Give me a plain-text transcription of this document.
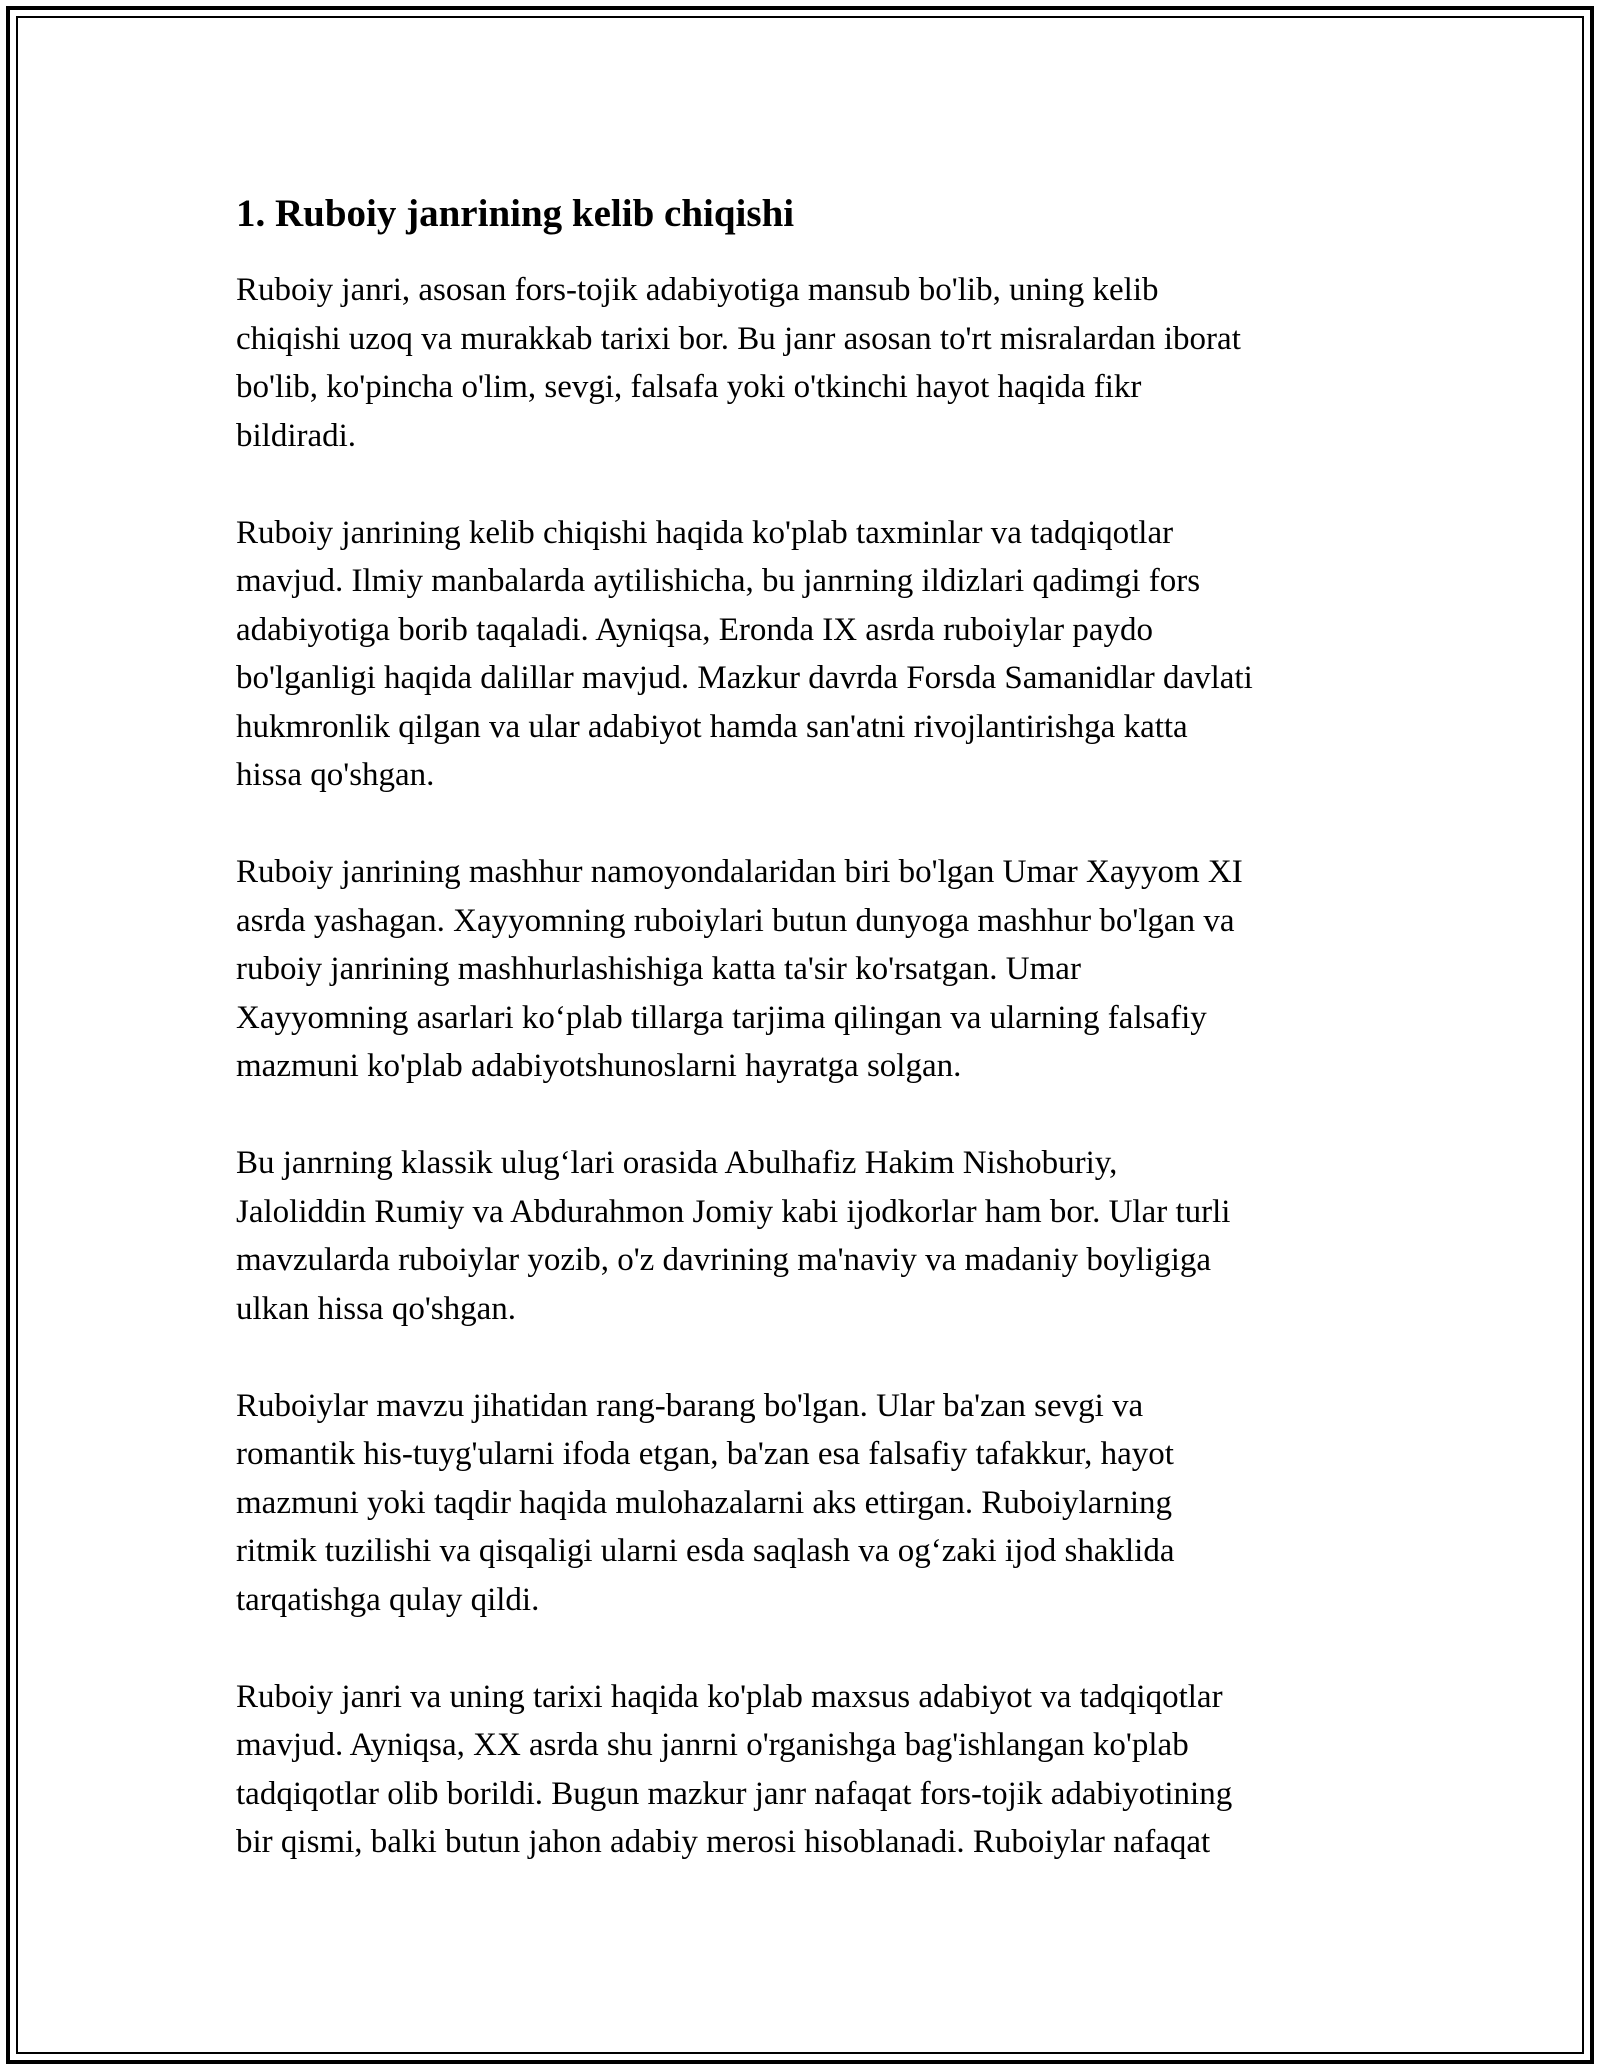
1. Ruboiy janrining kelib chiqishi

Ruboiy janri, asosan fors-tojik adabiyotiga mansub bo'lib, uning kelib
chiqishi uzoq va murakkab tarixi bor. Bu janr asosan to'rt misralardan iborat
bo'lib, ko'pincha o'lim, sevgi, falsafa yoki o'tkinchi hayot haqida fikr
bildiradi.

Ruboiy janrining kelib chiqishi haqida ko'plab taxminlar va tadqiqotlar
mavjud. Ilmiy manbalarda aytilishicha, bu janrning ildizlari qadimgi fors
adabiyotiga borib taqaladi. Ayniqsa, Eronda IX asrda ruboiylar paydo
bo'lganligi haqida dalillar mavjud. Mazkur davrda Forsda Samanidlar davlati
hukmronlik qilgan va ular adabiyot hamda san'atni rivojlantirishga katta
hissa qo'shgan.

Ruboiy janrining mashhur namoyondalaridan biri bo'lgan Umar Xayyom XI
asrda yashagan. Xayyomning ruboiylari butun dunyoga mashhur bo'lgan va
ruboiy janrining mashhurlashishiga katta ta'sir ko'rsatgan. Umar
Xayyomning asarlari ko‘plab tillarga tarjima qilingan va ularning falsafiy
mazmuni ko'plab adabiyotshunoslarni hayratga solgan.

Bu janrning klassik ulug‘lari orasida Abulhafiz Hakim Nishoburiy,
Jaloliddin Rumiy va Abdurahmon Jomiy kabi ijodkorlar ham bor. Ular turli
mavzularda ruboiylar yozib, o'z davrining ma'naviy va madaniy boyligiga
ulkan hissa qo'shgan.

Ruboiylar mavzu jihatidan rang-barang bo'lgan. Ular ba'zan sevgi va
romantik his-tuyg'ularni ifoda etgan, ba'zan esa falsafiy tafakkur, hayot
mazmuni yoki taqdir haqida mulohazalarni aks ettirgan. Ruboiylarning
ritmik tuzilishi va qisqaligi ularni esda saqlash va og‘zaki ijod shaklida
tarqatishga qulay qildi.

Ruboiy janri va uning tarixi haqida ko'plab maxsus adabiyot va tadqiqotlar
mavjud. Ayniqsa, XX asrda shu janrni o'rganishga bag'ishlangan ko'plab
tadqiqotlar olib borildi. Bugun mazkur janr nafaqat fors-tojik adabiyotining
bir qismi, balki butun jahon adabiy merosi hisoblanadi. Ruboiylar nafaqat
